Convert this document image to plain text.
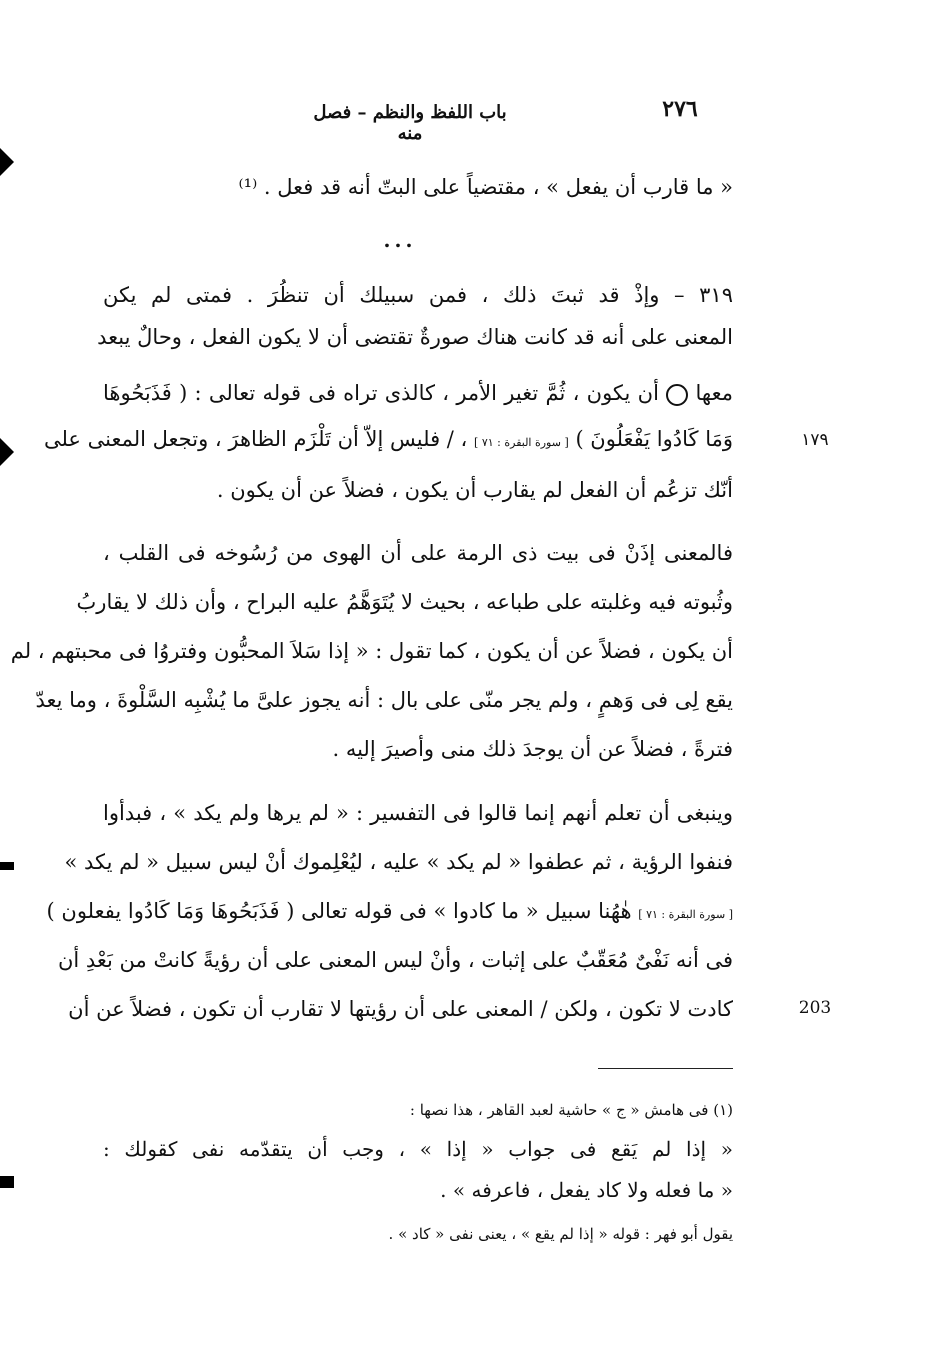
باب اللفظ والنظم – فصل منه
٢٧٦
« ما قارب أن يفعل » ، مقتضياً على البتّ أنه قد فعل . ⁽¹⁾
...
٣١٩ – وإذْ قد ثبتَ ذلك ، فمن سبيلك أن تنظُرَ . فمتى لم يكن
المعنى على أنه قد كانت هناك صورةٌ تقتضى أن لا يكون الفعل ، وحالٌ يبعد
معها  أن يكون ، ثُمَّ تغير الأمر ، كالذى تراه فى قوله تعالى : ( فَذَبَحُوهَا
وَمَا كَادُوا يَفْعَلُونَ ) [ سورة البقرة : ٧١ ] ، / فليس إلاّ أن تَلْزَم الظاهرَ ، وتجعل المعنى على
أنّك تزعُم أن الفعل لم يقارب أن يكون ، فضلاً عن أن يكون .
١٧٩
فالمعنى إذَنْ فى بيت ذى الرمة على أن الهوى من رُسُوخه فى القلب ،
وثُبوته فيه وغلبته على طباعه ، بحيث لا يُتَوَهَّمُ عليه البراح ، وأن ذلك لا يقاربُ
أن يكون ، فضلاً عن أن يكون ، كما تقول : « إذا سَلاَ المحبُّون وفتروُا فى محبتهم ، لم
يقع لِى فى وَهمٍ ، ولم يجر منّى على بال : أنه يجوز علىَّ ما يُشْبِه السَّلْوةَ ، وما يعدّ
فترةً ، فضلاً عن أن يوجدَ ذلك منى وأصيرَ إليه .
وينبغى أن تعلم أنهم إنما قالوا فى التفسير : « لم يرها ولم يكد » ، فبدأوا
فنفوا الرؤية ، ثم عطفوا « لم يكد » عليه ، ليُعْلِموك أنْ ليس سبيل « لم يكد »
[ سورة البقرة : ٧١ ] هٰهُنا سبيل « ما كادوا » فى قوله تعالى ( فَذَبَحُوهَا وَمَا كَادُوا يفعلون )
فى أنه نَفْىٌ مُعَقّبٌ على إثبات ، وأنْ ليس المعنى على أن رؤيةً كانتْ من بَعْدِ أن
كادت لا تكون ، ولكن / المعنى على أن رؤيتها لا تقارب أن تكون ، فضلاً عن أن	203
(١) فى هامش « ج » حاشية لعبد القاهر ، هذا نصها :
« إذا لم يَقع فى جواب « إذا » ، وجب أن يتقدّمه نفى كقولك :
« ما فعله ولا كاد يفعل ، فاعرفه » .
يقول أبو فهر : قوله « إذا لم يقع » ، يعنى نفى « كاد » .
